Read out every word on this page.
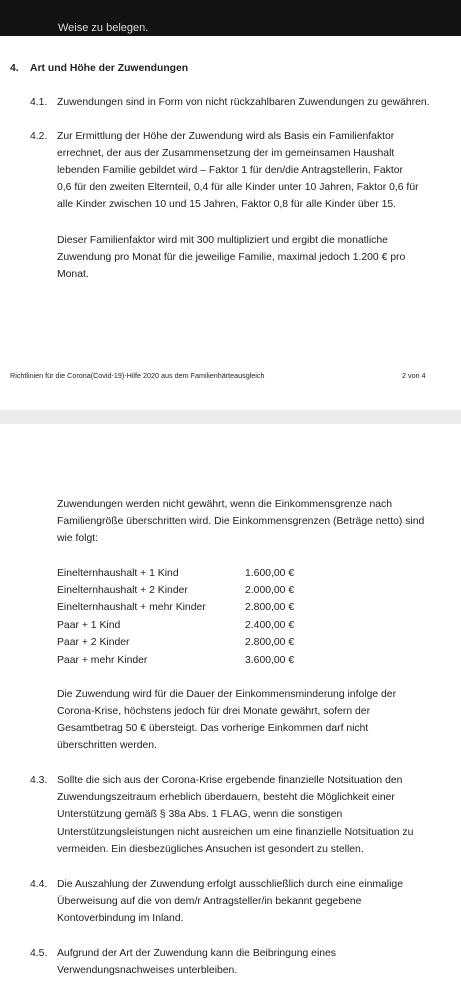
Weise zu belegen.
4. Art und Höhe der Zuwendungen
4.1. Zuwendungen sind in Form von nicht rückzahlbaren Zuwendungen zu gewähren.
4.2. Zur Ermittlung der Höhe der Zuwendung wird als Basis ein Familienfaktor
errechnet, der aus der Zusammensetzung der im gemeinsamen Haushalt
lebenden Familie gebildet wird – Faktor 1 für den/die Antragstellerin, Faktor
0,6 für den zweiten Elternteil, 0,4 für alle Kinder unter 10 Jahren, Faktor 0,6 für
alle Kinder zwischen 10 und 15 Jahren, Faktor 0,8 für alle Kinder über 15.
Dieser Familienfaktor wird mit 300 multipliziert und ergibt die monatliche
Zuwendung pro Monat für die jeweilige Familie, maximal jedoch 1.200 € pro
Monat.
Richtlinien für die Corona(Covid-19)-Hilfe 2020 aus dem Familienhärteausgleich	2 von 4
Zuwendungen werden nicht gewährt, wenn die Einkommensgrenze nach
Familiengröße überschritten wird. Die Einkommensgrenzen (Beträge netto) sind
wie folgt:
Einelternhaushalt + 1 Kind	1.600,00 €
Einelternhaushalt + 2 Kinder	2.000,00 €
Einelternhaushalt + mehr Kinder	2.800,00 €
Paar + 1 Kind	2.400,00 €
Paar + 2 Kinder	2.800,00 €
Paar + mehr Kinder	3.600,00 €
Die Zuwendung wird für die Dauer der Einkommensminderung infolge der
Corona-Krise, höchstens jedoch für drei Monate gewährt, sofern der
Gesamtbetrag 50 € übersteigt. Das vorherige Einkommen darf nicht
überschritten werden.
4.3. Sollte die sich aus der Corona-Krise ergebende finanzielle Notsituation den
Zuwendungszeitraum erheblich überdauern, besteht die Möglichkeit einer
Unterstützung gemäß § 38a Abs. 1 FLAG, wenn die sonstigen
Unterstützungsleistungen nicht ausreichen um eine finanzielle Notsituation zu
vermeiden. Ein diesbezügliches Ansuchen ist gesondert zu stellen.
4.4. Die Auszahlung der Zuwendung erfolgt ausschließlich durch eine einmalige
Überweisung auf die von dem/r Antragsteller/in bekannt gegebene
Kontoverbindung im Inland.
4.5. Aufgrund der Art der Zuwendung kann die Beibringung eines
Verwendungsnachweises unterbleiben.
